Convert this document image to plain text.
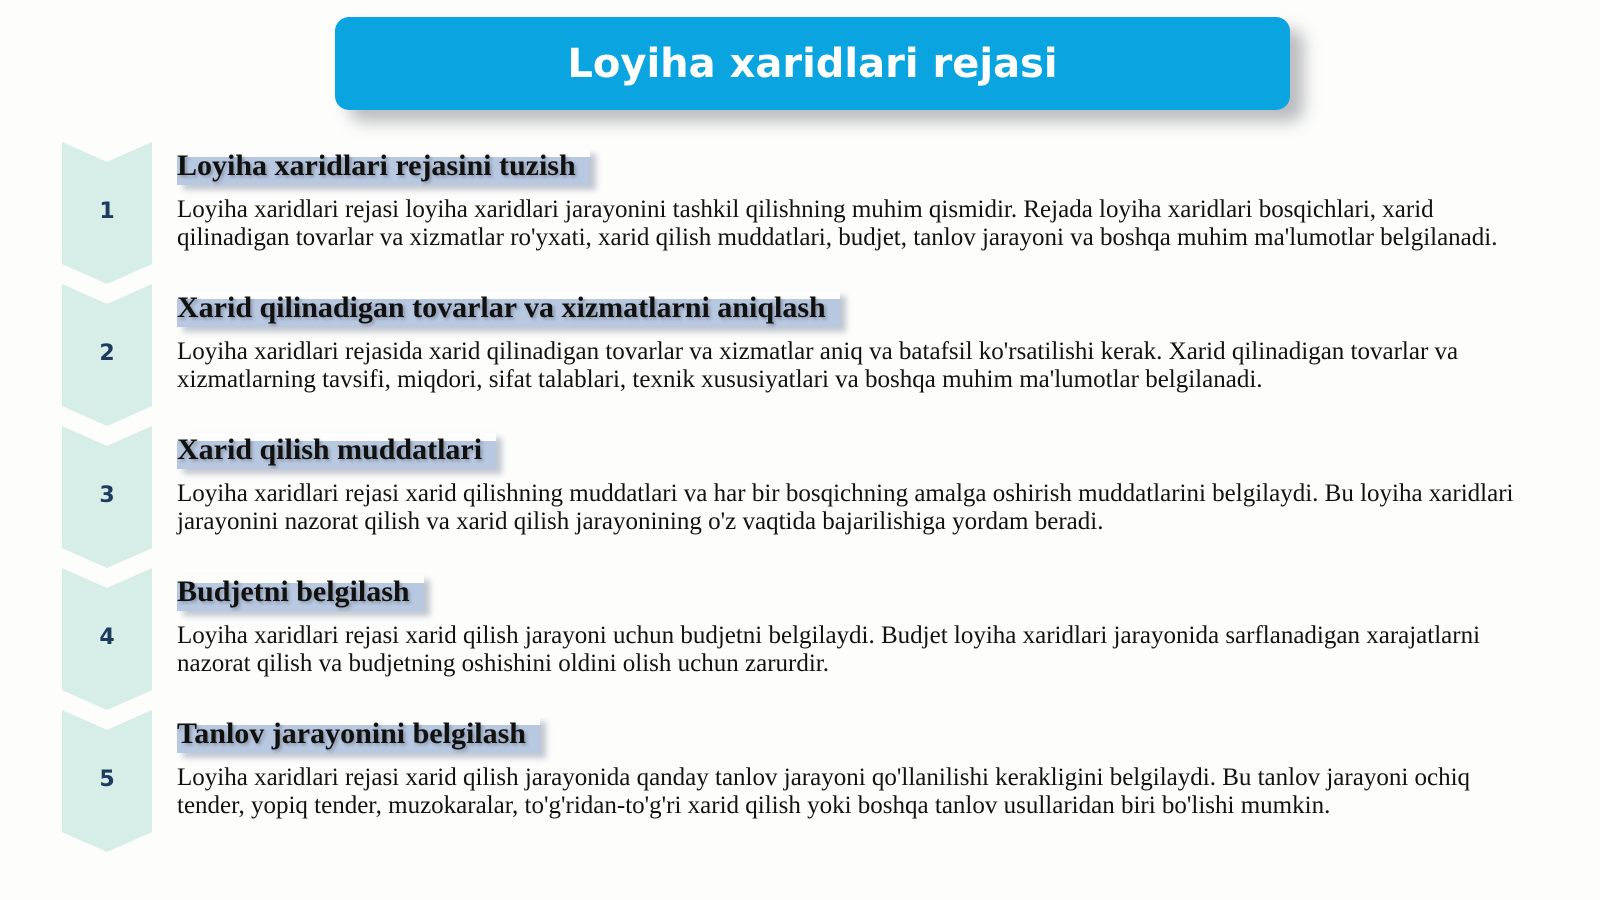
Loyiha xaridlari rejasi
1
Loyiha xaridlari rejasini tuzish

Loyiha xaridlari rejasi loyiha xaridlari jarayonini tashkil qilishning muhim qismidir. Rejada loyiha xaridlari bosqichlari, xarid qilinadigan tovarlar va xizmatlar ro'yxati, xarid qilish muddatlari, budjet, tanlov jarayoni va boshqa muhim ma'lumotlar belgilanadi.

2
Xarid qilinadigan tovarlar va xizmatlarni aniqlash

Loyiha xaridlari rejasida xarid qilinadigan tovarlar va xizmatlar aniq va batafsil ko'rsatilishi kerak. Xarid qilinadigan tovarlar va xizmatlarning tavsifi, miqdori, sifat talablari, texnik xususiyatlari va boshqa muhim ma'lumotlar belgilanadi.

3
Xarid qilish muddatlari

Loyiha xaridlari rejasi xarid qilishning muddatlari va har bir bosqichning amalga oshirish muddatlarini belgilaydi. Bu loyiha xaridlari jarayonini nazorat qilish va xarid qilish jarayonining o'z vaqtida bajarilishiga yordam beradi.

4
Budjetni belgilash

Loyiha xaridlari rejasi xarid qilish jarayoni uchun budjetni belgilaydi. Budjet loyiha xaridlari jarayonida sarflanadigan xarajatlarni nazorat qilish va budjetning oshishini oldini olish uchun zarurdir.

5
Tanlov jarayonini belgilash

Loyiha xaridlari rejasi xarid qilish jarayonida qanday tanlov jarayoni qo'llanilishi kerakligini belgilaydi. Bu tanlov jarayoni ochiq tender, yopiq tender, muzokaralar, to'g'ridan-to'g'ri xarid qilish yoki boshqa tanlov usullaridan biri bo'lishi mumkin.
